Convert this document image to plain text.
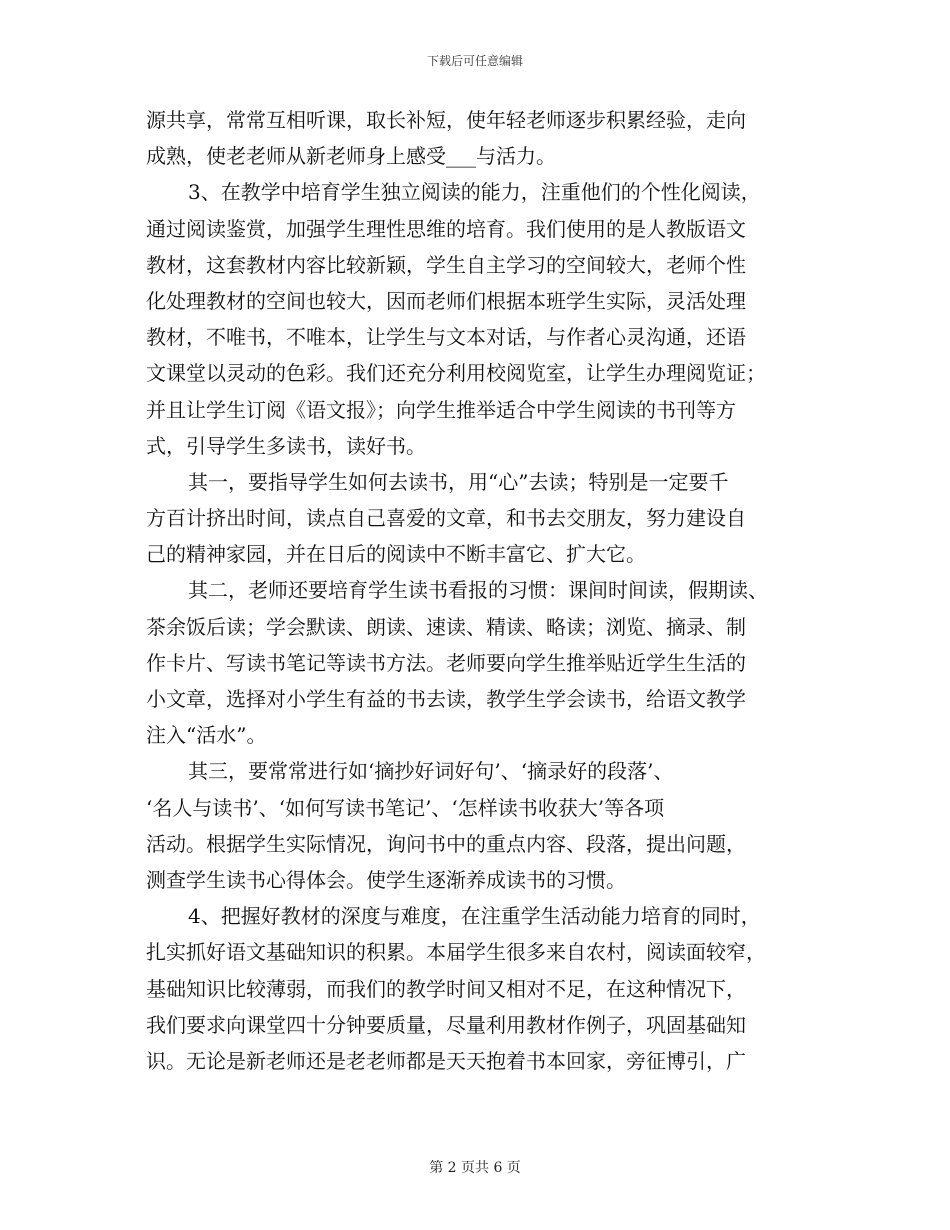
下载后可任意编辑
源共享，常常互相听课，取长补短，使年轻老师逐步积累经验，走向
成熟，使老老师从新老师身上感受___与活力。
3、在教学中培育学生独立阅读的能力，注重他们的个性化阅读，
通过阅读鉴赏，加强学生理性思维的培育。我们使用的是人教版语文
教材，这套教材内容比较新颖，学生自主学习的空间较大，老师个性
化处理教材的空间也较大，因而老师们根据本班学生实际，灵活处理
教材，不唯书，不唯本，让学生与文本对话，与作者心灵沟通，还语
文课堂以灵动的色彩。我们还充分利用校阅览室，让学生办理阅览证；
并且让学生订阅《语文报》；向学生推举适合中学生阅读的书刊等方
式，引导学生多读书，读好书。
其一，要指导学生如何去读书，用“心”去读；特别是一定要千
方百计挤出时间，读点自己喜爱的文章，和书去交朋友，努力建设自
己的精神家园，并在日后的阅读中不断丰富它、扩大它。
其二，老师还要培育学生读书看报的习惯：课间时间读，假期读、
茶余饭后读；学会默读、朗读、速读、精读、略读；浏览、摘录、制
作卡片、写读书笔记等读书方法。老师要向学生推举贴近学生生活的
小文章，选择对小学生有益的书去读，教学生学会读书，给语文教学
注入“活水”。
其三，要常常进行如‘摘抄好词好句’、‘摘录好的段落’、
‘名人与读书’、‘如何写读书笔记’、‘怎样读书收获大’等各项
活动。根据学生实际情况，询问书中的重点内容、段落，提出问题，
测查学生读书心得体会。使学生逐渐养成读书的习惯。
4、把握好教材的深度与难度，在注重学生活动能力培育的同时，
扎实抓好语文基础知识的积累。本届学生很多来自农村，阅读面较窄，
基础知识比较薄弱，而我们的教学时间又相对不足，在这种情况下，
我们要求向课堂四十分钟要质量，尽量利用教材作例子，巩固基础知
识。无论是新老师还是老老师都是天天抱着书本回家，旁征博引，广
第 2 页共 6 页
